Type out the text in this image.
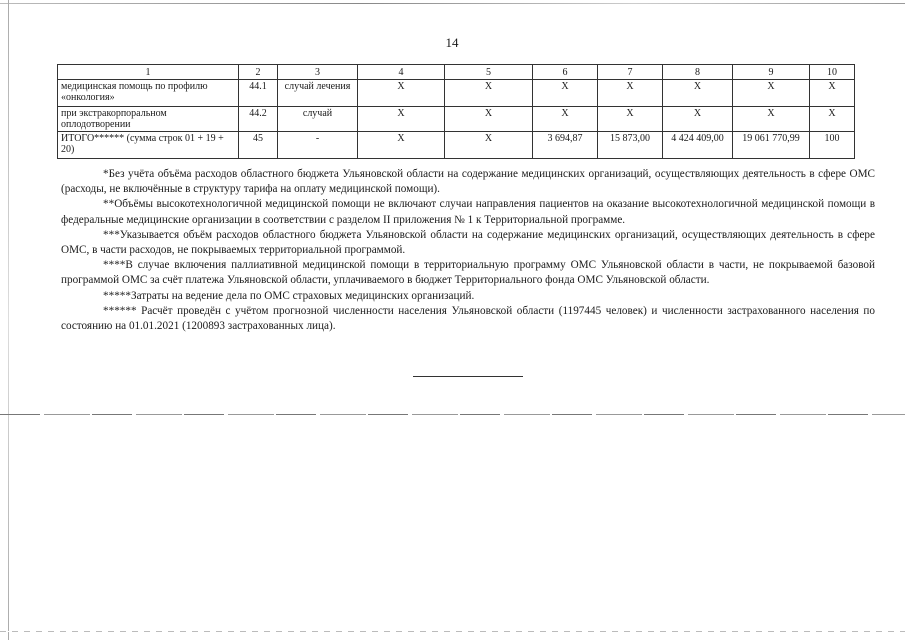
14
1	2	3	4	5	6	7	8	9	10
медицинская помощь по профилю «онкология»	44.1	случай лечения	X	X	X	X	X	X	X
при экстракорпоральном оплодотворении	44.2	случай	X	X	X	X	X	X	X
ИТОГО****** (сумма строк 01 + 19 + 20)	45	-	X	X	3 694,87	15 873,00	4 424 409,00	19 061 770,99	100

*Без учёта объёма расходов областного бюджета Ульяновской области на содержание медицинских организаций, осуществляющих деятельность в сфере ОМС (расходы, не включённые в структуру тарифа на оплату медицинской помощи).

**Объёмы высокотехнологичной медицинской помощи не включают случаи направления пациентов на оказание высокотехнологичной медицинской помощи в федеральные медицинские организации в соответствии с разделом II приложения № 1 к Территориальной программе.

***Указывается объём расходов областного бюджета Ульяновской области на содержание медицинских организаций, осуществляющих деятельность в сфере ОМС, в части расходов, не покрываемых территориальной программой.

****В случае включения паллиативной медицинской помощи в территориальную программу ОМС Ульяновской области в части, не покрываемой базовой программой ОМС за счёт платежа Ульяновской области, уплачиваемого в бюджет Территориального фонда ОМС Ульяновской области.

*****Затраты на ведение дела по ОМС страховых медицинских организаций.

****** Расчёт проведён с учётом прогнозной численности населения Ульяновской области (1197445 человек) и численности застрахованного населения по состоянию на 01.01.2021 (1200893 застрахованных лица).
